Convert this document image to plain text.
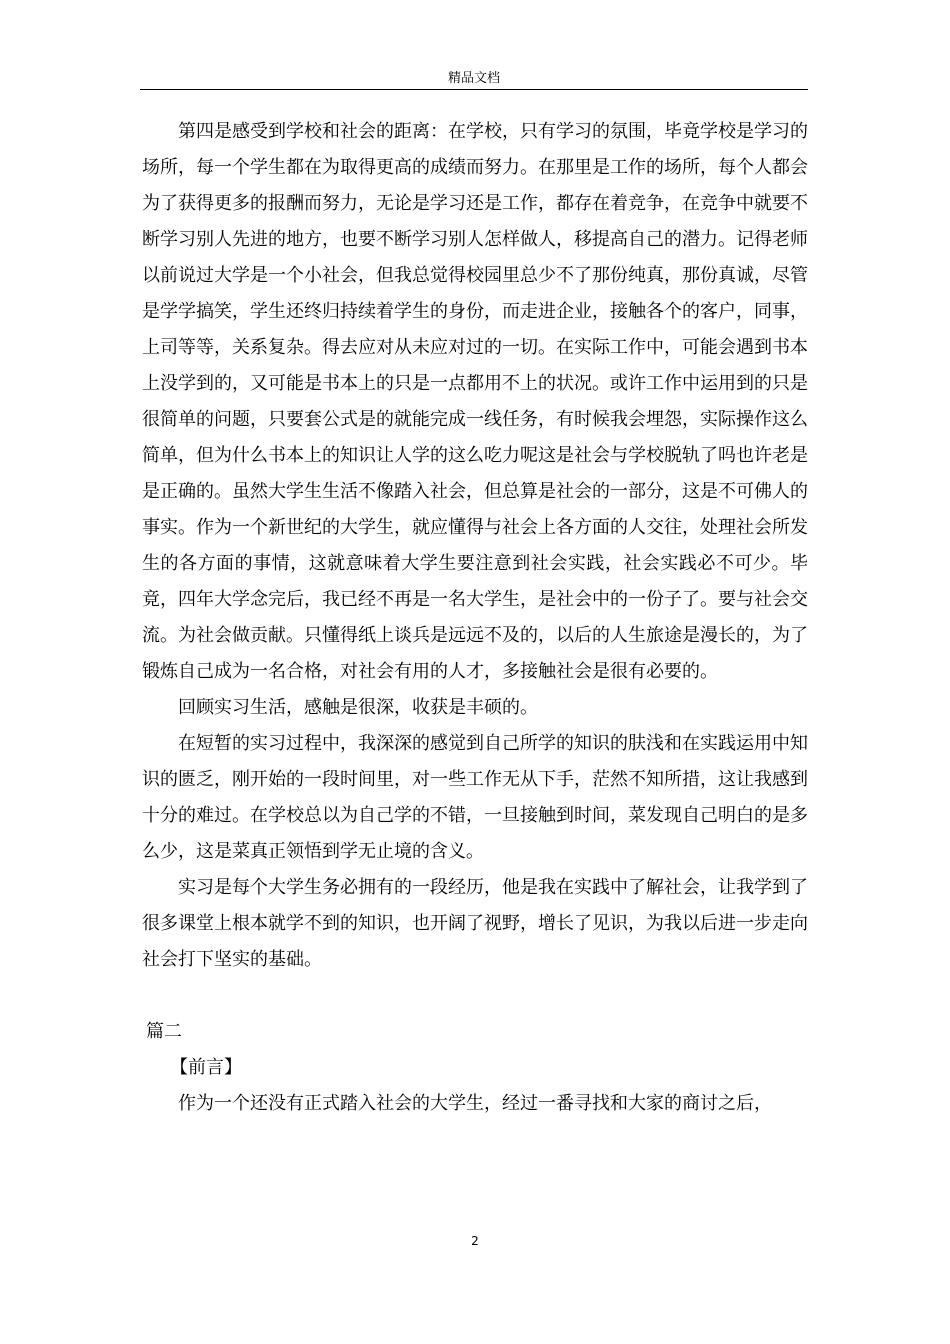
精品文档

第四是感受到学校和社会的距离：在学校，只有学习的氛围，毕竟学校是学习的场所，每一个学生都在为取得更高的成绩而努力。在那里是工作的场所，每个人都会为了获得更多的报酬而努力，无论是学习还是工作，都存在着竞争，在竞争中就要不断学习别人先进的地方，也要不断学习别人怎样做人，移提高自己的潜力。记得老师以前说过大学是一个小社会，但我总觉得校园里总少不了那份纯真，那份真诚，尽管是学学搞笑，学生还终归持续着学生的身份，而走进企业，接触各个的客户，同事，上司等等，关系复杂。得去应对从未应对过的一切。在实际工作中，可能会遇到书本上没学到的，又可能是书本上的只是一点都用不上的状况。或许工作中运用到的只是很简单的问题，只要套公式是的就能完成一线任务，有时候我会埋怨，实际操作这么简单，但为什么书本上的知识让人学的这么吃力呢这是社会与学校脱轨了吗也许老是是正确的。虽然大学生生活不像踏入社会，但总算是社会的一部分，这是不可佛人的事实。作为一个新世纪的大学生，就应懂得与社会上各方面的人交往，处理社会所发生的各方面的事情，这就意味着大学生要注意到社会实践，社会实践必不可少。毕竟，四年大学念完后，我已经不再是一名大学生，是社会中的一份子了。要与社会交流。为社会做贡献。只懂得纸上谈兵是远远不及的，以后的人生旅途是漫长的，为了锻炼自己成为一名合格，对社会有用的人才，多接触社会是很有必要的。

回顾实习生活，感触是很深，收获是丰硕的。

在短暂的实习过程中，我深深的感觉到自己所学的知识的肤浅和在实践运用中知识的匮乏，刚开始的一段时间里，对一些工作无从下手，茫然不知所措，这让我感到十分的难过。在学校总以为自己学的不错，一旦接触到时间，菜发现自己明白的是多么少，这是菜真正领悟到学无止境的含义。

实习是每个大学生务必拥有的一段经历，他是我在实践中了解社会，让我学到了很多课堂上根本就学不到的知识，也开阔了视野，增长了见识，为我以后进一步走向社会打下坚实的基础。

篇二

【前言】

作为一个还没有正式踏入社会的大学生，经过一番寻找和大家的商讨之后，

2
